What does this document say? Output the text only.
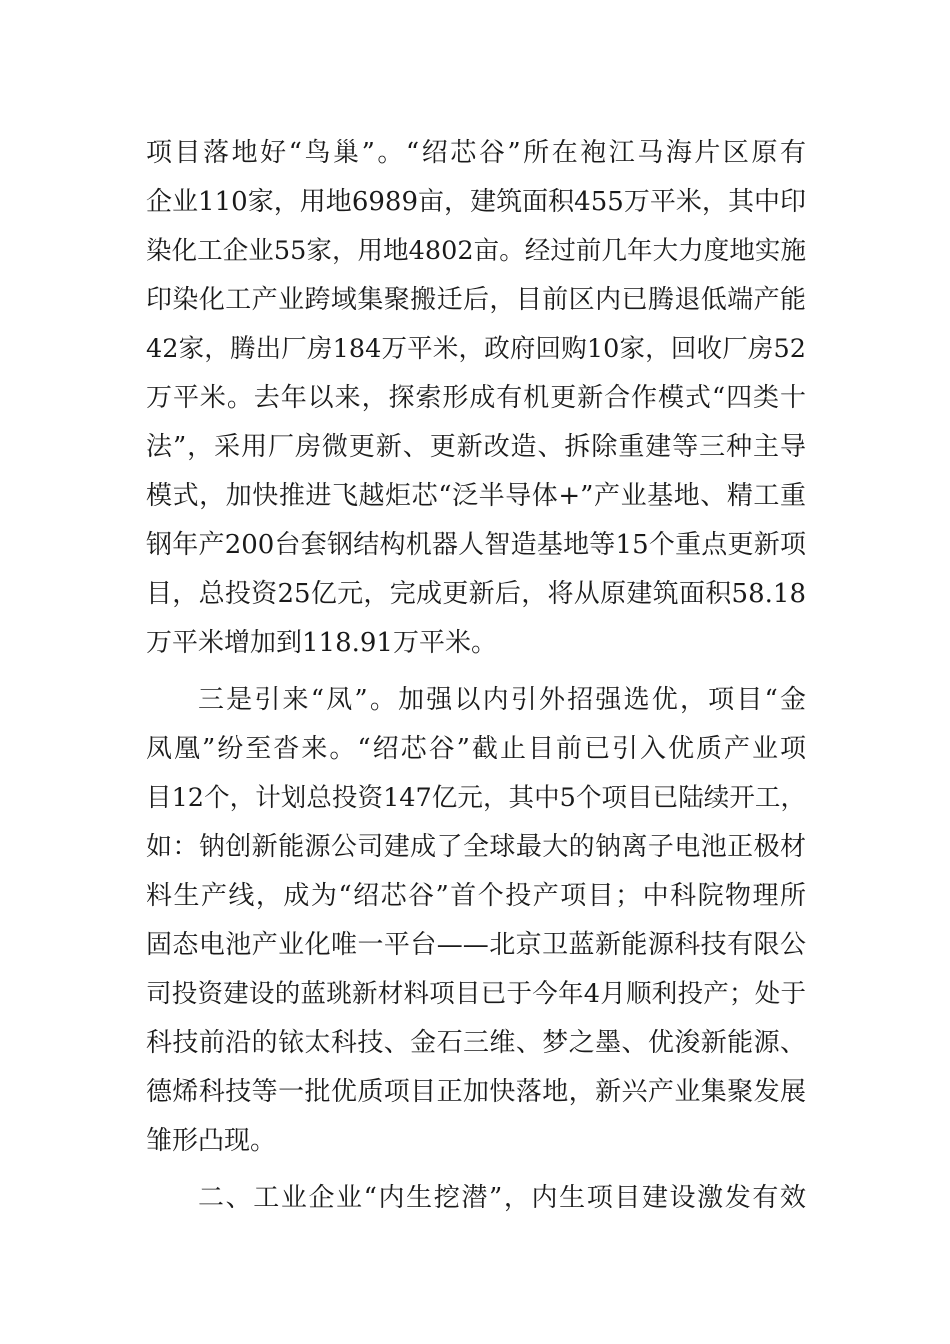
项目落地好“鸟巢”。“绍芯谷”所在袍江马海片区原有
企业110家，用地6989亩，建筑面积455万平米，其中印
染化工企业55家，用地4802亩。经过前几年大力度地实施
印染化工产业跨域集聚搬迁后，目前区内已腾退低端产能
42家，腾出厂房184万平米，政府回购10家，回收厂房52
万平米。去年以来，探索形成有机更新合作模式“四类十
法”，采用厂房微更新、更新改造、拆除重建等三种主导
模式，加快推进飞越炬芯“泛半导体+”产业基地、精工重
钢年产200台套钢结构机器人智造基地等15个重点更新项
目，总投资25亿元，完成更新后，将从原建筑面积58.18
万平米增加到118.91万平米。
三是引来“凤”。加强以内引外招强选优，项目“金
凤凰”纷至沓来。“绍芯谷”截止目前已引入优质产业项
目12个，计划总投资147亿元，其中5个项目已陆续开工，
如：钠创新能源公司建成了全球最大的钠离子电池正极材
料生产线，成为“绍芯谷”首个投产项目；中科院物理所
固态电池产业化唯一平台——北京卫蓝新能源科技有限公
司投资建设的蓝珧新材料项目已于今年4月顺利投产；处于
科技前沿的铱太科技、金石三维、梦之墨、优浚新能源、
德烯科技等一批优质项目正加快落地，新兴产业集聚发展
雏形凸现。
二、工业企业“内生挖潜”，内生项目建设激发有效
